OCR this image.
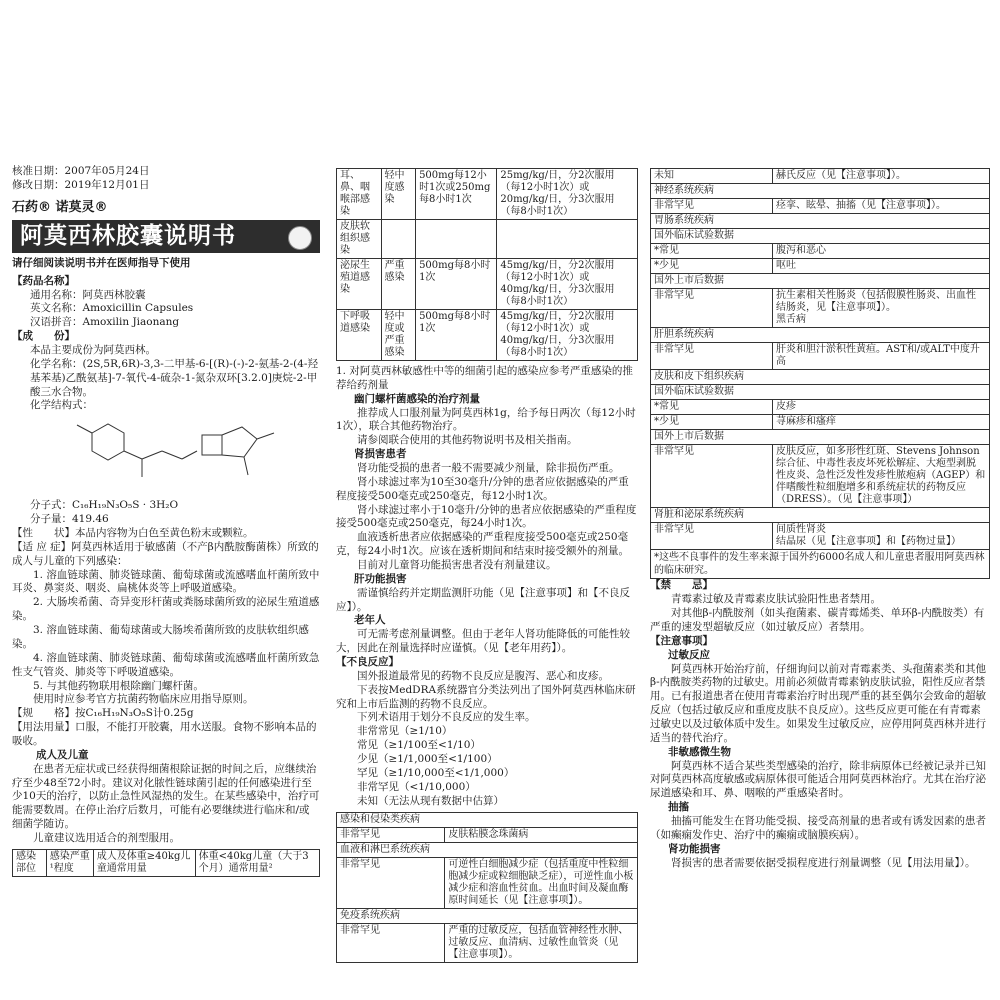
核准日期：2007年05月24日

修改日期：2019年12月01日

石药® 诺莫灵®
阿莫西林胶囊说明书

请仔细阅读说明书并在医师指导下使用

【药品名称】

通用名称：阿莫西林胶囊

英文名称：Amoxicillin Capsules

汉语拼音：Amoxilin Jiaonang

【成　　份】

本品主要成份为阿莫西林。

化学名称：(2S,5R,6R)-3,3-二甲基-6-[(R)-(-)-2-氨基-2-(4-羟基苯基)乙酰氨基]-7-氧代-4-硫杂-1-氮杂双环[3.2.0]庚烷-2-甲酸三水合物。

化学结构式：

分子式：C₁₆H₁₉N₃O₅S · 3H₂O

分子量：419.46

【性　　状】本品内容物为白色至黄色粉末或颗粒。

【适 应 症】阿莫西林适用于敏感菌（不产β内酰胺酶菌株）所致的成人与儿童的下列感染：

1. 溶血链球菌、肺炎链球菌、葡萄球菌或流感嗜血杆菌所致中耳炎、鼻窦炎、咽炎、扁桃体炎等上呼吸道感染。

2. 大肠埃希菌、奇异变形杆菌或粪肠球菌所致的泌尿生殖道感染。

3. 溶血链球菌、葡萄球菌或大肠埃希菌所致的皮肤软组织感染。

4. 溶血链球菌、肺炎链球菌、葡萄球菌或流感嗜血杆菌所致急性支气管炎、肺炎等下呼吸道感染。

5. 与其他药物联用根除幽门螺杆菌。

使用时应参考官方抗菌药物临床应用指导原则。

【规　　格】按C₁₆H₁₉N₃O₅S计0.25g

【用法用量】口服，不能打开胶囊，用水送服。食物不影响本品的吸收。

成人及儿童

在患者无症状或已经获得细菌根除证据的时间之后，应继续治疗至少48至72小时。建议对化脓性链球菌引起的任何感染进行至少10天的治疗，以防止急性风湿热的发生。在某些感染中，治疗可能需要数周。在停止治疗后数月，可能有必要继续进行临床和/或细菌学随访。

儿童建议选用适合的剂型服用。

感染部位	感染严重¹程度	成人及体重≥40kg儿童通常用量	体重<40kg儿童（大于3个月）通常用量²
耳、鼻、咽喉部感染	轻中度感染	500mg每12小时1次或250mg每8小时1次	25mg/kg/日，分2次服用（每12小时1次）或20mg/kg/日，分3次服用（每8小时1次）
皮肤软组织感染			
泌尿生殖道感染	严重感染	500mg每8小时1次	45mg/kg/日，分2次服用（每12小时1次）或40mg/kg/日，分3次服用（每8小时1次）
下呼吸道感染	轻中度或严重感染	500mg每8小时1次	45mg/kg/日，分2次服用（每12小时1次）或40mg/kg/日，分3次服用（每8小时1次）

1. 对阿莫西林敏感性中等的细菌引起的感染应参考严重感染的推荐给药剂量

幽门螺杆菌感染的治疗剂量

推荐成人口服剂量为阿莫西林1g，给予每日两次（每12小时1次），联合其他药物治疗。

请参阅联合使用的其他药物说明书及相关指南。

肾损害患者

肾功能受损的患者一般不需要减少剂量，除非损伤严重。

肾小球滤过率为10至30毫升/分钟的患者应依据感染的严重程度接受500毫克或250毫克，每12小时1次。

肾小球滤过率小于10毫升/分钟的患者应依据感染的严重程度接受500毫克或250毫克，每24小时1次。

血液透析患者应依据感染的严重程度接受500毫克或250毫克，每24小时1次。应该在透析期间和结束时接受额外的剂量。

目前对儿童肾功能损害患者没有剂量建议。

肝功能损害

需谨慎给药并定期监测肝功能（见【注意事项】和【不良反应】）。

老年人

可无需考虑剂量调整。但由于老年人肾功能降低的可能性较大，因此在剂量选择时应谨慎。（见【老年用药】）。

【不良反应】

国外报道最常见的药物不良反应是腹泻、恶心和皮疹。

下表按MedDRA系统器官分类法列出了国外阿莫西林临床研究和上市后监测的药物不良反应。

下列术语用于划分不良反应的发生率。

非常常见（≥1/10）

常见（≥1/100至<1/10）

少见（≥1/1,000至<1/100）

罕见（≥1/10,000至<1/1,000）

非常罕见（<1/10,000）

未知（无法从现有数据中估算）

感染和侵染类疾病	
非常罕见	皮肤粘膜念珠菌病
血液和淋巴系统疾病	
非常罕见	可逆性白细胞减少症（包括重度中性粒细胞减少症或粒细胞缺乏症），可逆性血小板减少症和溶血性贫血。出血时间及凝血酶原时间延长（见【注意事项】）。
免疫系统疾病	
非常罕见	严重的过敏反应，包括血管神经性水肿、过敏反应、血清病、过敏性血管炎（见【注意事项】）。
未知	赫氏反应（见【注意事项】）。
神经系统疾病	
非常罕见	痉挛、眩晕、抽搐（见【注意事项】）。
胃肠系统疾病	
国外临床试验数据	
*常见	腹泻和恶心
*少见	呕吐
国外上市后数据	
非常罕见	抗生素相关性肠炎（包括假膜性肠炎、出血性结肠炎，见【注意事项】）。
黑舌病
肝胆系统疾病	
非常罕见	肝炎和胆汁淤积性黄疸。AST和/或ALT中度升高
皮肤和皮下组织疾病	
国外临床试验数据	
*常见	皮疹
*少见	荨麻疹和瘙痒
国外上市后数据	
非常罕见	皮肤反应，如多形性红斑、Stevens Johnson综合征、中毒性表皮坏死松解症、大疱型剥脱性皮炎、急性泛发性发疹性脓疱病（AGEP）和伴嗜酸性粒细胞增多和系统症状的药物反应（DRESS）。（见【注意事项】）
肾脏和泌尿系统疾病	
非常罕见	间质性肾炎
结晶尿（见【注意事项】和【药物过量】）

*这些不良事件的发生率来源于国外约6000名成人和儿童患者服用阿莫西林的临床研究。

【禁　　忌】

青霉素过敏及青霉素皮肤试验阳性患者禁用。

对其他β-内酰胺剂（如头孢菌素、碳青霉烯类、单环β-内酰胺类）有严重的速发型超敏反应（如过敏反应）者禁用。

【注意事项】

过敏反应

阿莫西林开始治疗前，仔细询问以前对青霉素类、头孢菌素类和其他β-内酰胺类药物的过敏史。用前必须做青霉素钠皮肤试验，阳性反应者禁用。已有报道患者在使用青霉素治疗时出现严重的甚至偶尔会致命的超敏反应（包括过敏反应和重度皮肤不良反应）。这些反应更可能在有青霉素过敏史以及过敏体质中发生。如果发生过敏反应，应停用阿莫西林并进行适当的替代治疗。

非敏感微生物

阿莫西林不适合某些类型感染的治疗，除非病原体已经被记录并已知对阿莫西林高度敏感或病原体很可能适合用阿莫西林治疗。尤其在治疗泌尿道感染和耳、鼻、咽喉的严重感染者时。

抽搐

抽搐可能发生在肾功能受损、接受高剂量的患者或有诱发因素的患者（如癫痫发作史、治疗中的癫痫或脑膜疾病）。

肾功能损害

肾损害的患者需要依据受损程度进行剂量调整（见【用法用量】）。
